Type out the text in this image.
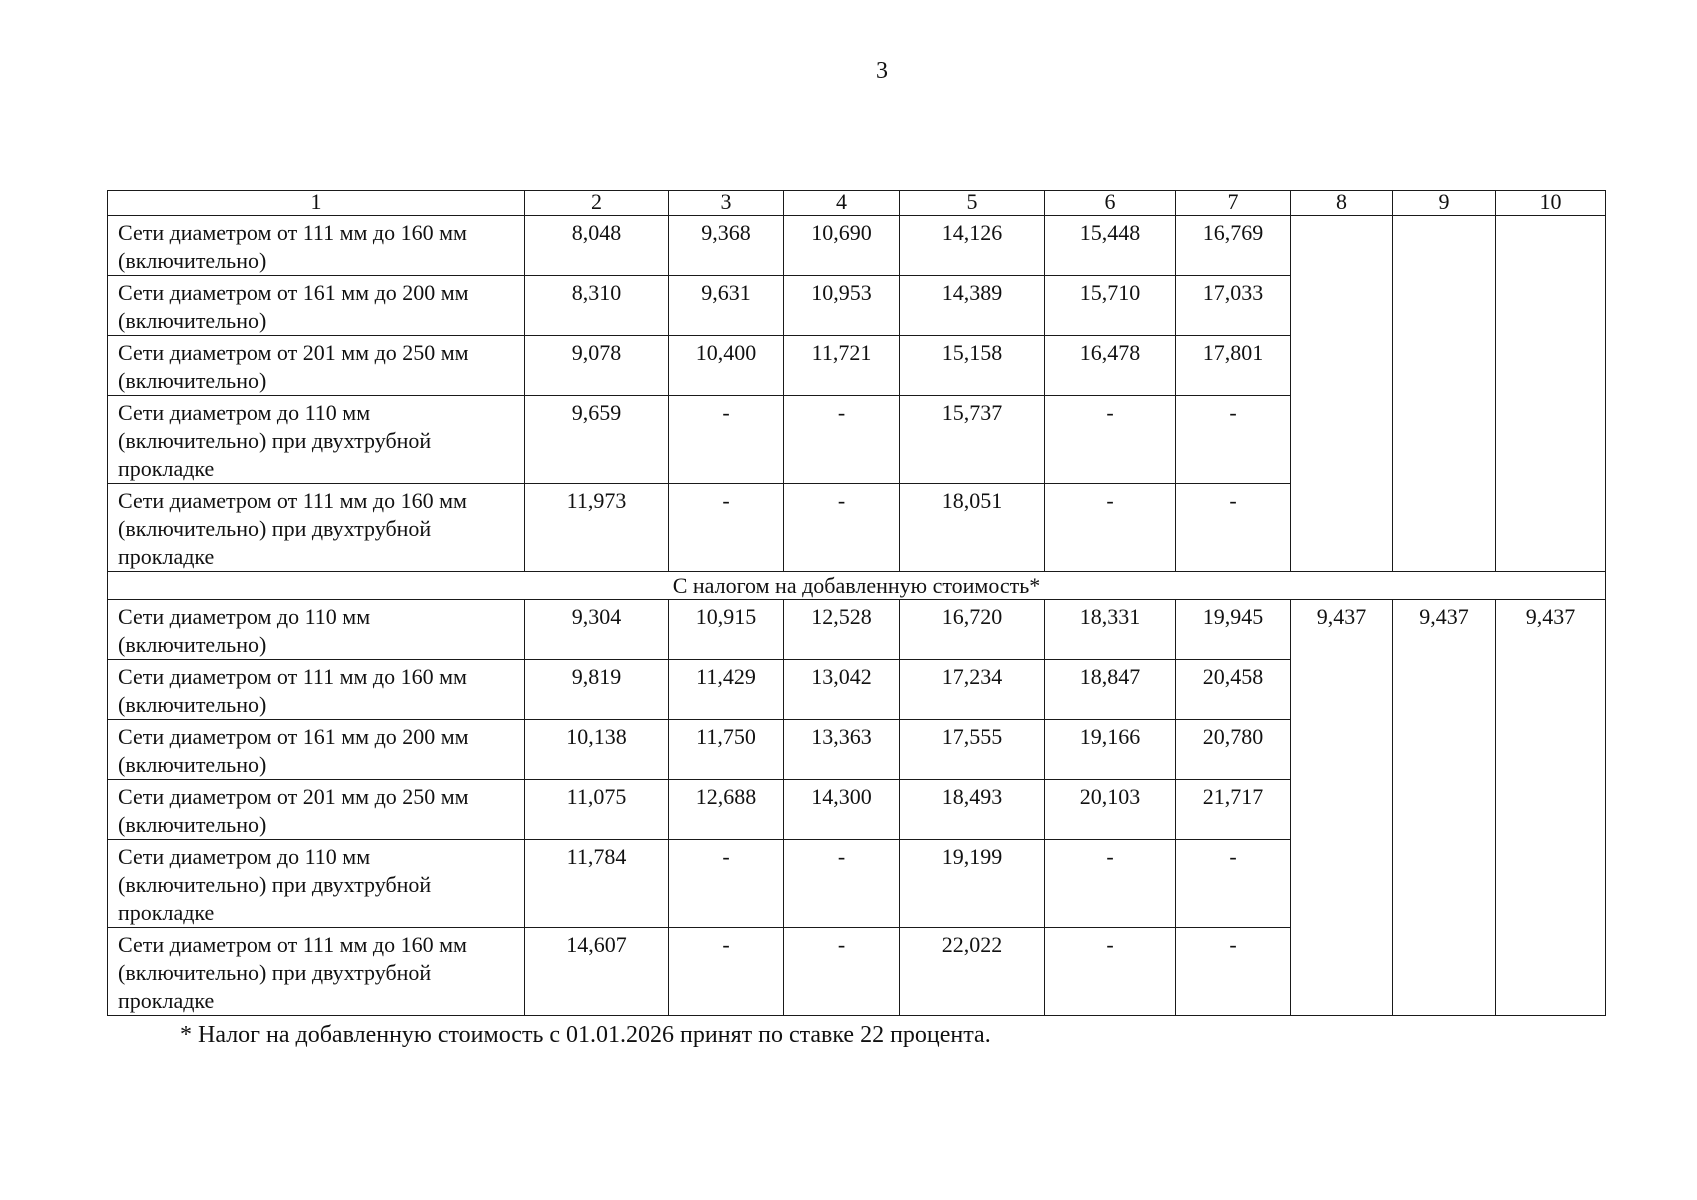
3
1	2	3	4	5	6	7	8	9	10
Сети диаметром от 111 мм до 160 мм (включительно)	8,048	9,368	10,690	14,126	15,448	16,769			
Сети диаметром от 161 мм до 200 мм (включительно)	8,310	9,631	10,953	14,389	15,710	17,033			
Сети диаметром от 201 мм до 250 мм (включительно)	9,078	10,400	11,721	15,158	16,478	17,801			
Сети диаметром до 110 мм (включительно) при двухтрубной прокладке	9,659	-	-	15,737	-	-			
Сети диаметром от 111 мм до 160 мм (включительно) при двухтрубной прокладке	11,973	-	-	18,051	-	-			
С налогом на добавленную стоимость*									
Сети диаметром до 110 мм (включительно)	9,304	10,915	12,528	16,720	18,331	19,945	9,437	9,437	9,437
Сети диаметром от 111 мм до 160 мм (включительно)	9,819	11,429	13,042	17,234	18,847	20,458			
Сети диаметром от 161 мм до 200 мм (включительно)	10,138	11,750	13,363	17,555	19,166	20,780			
Сети диаметром от 201 мм до 250 мм (включительно)	11,075	12,688	14,300	18,493	20,103	21,717			
Сети диаметром до 110 мм (включительно) при двухтрубной прокладке	11,784	-	-	19,199	-	-			
Сети диаметром от 111 мм до 160 мм (включительно) при двухтрубной прокладке	14,607	-	-	22,022	-	-			
* Налог на добавленную стоимость с 01.01.2026 принят по ставке 22 процента.
